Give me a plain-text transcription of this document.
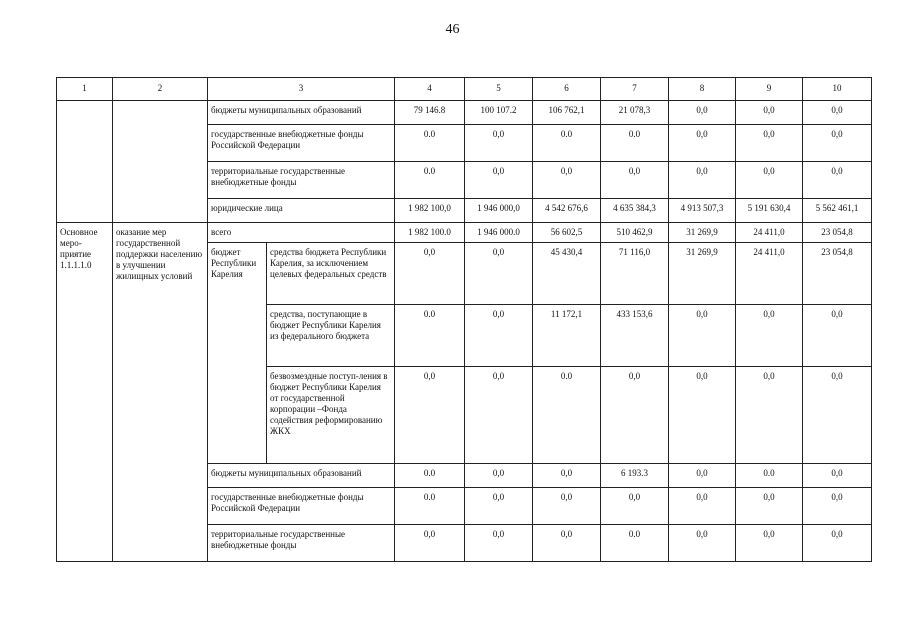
46
1	2	3		4	5	6	7	8	9	10
		бюджеты муниципальных образований		79 146.8	100 107.2	106 762,1	21 078,3	0,0	0,0	0,0
		государственные внебюджетные фонды Российской Федерации		0.0	0,0	0.0	0.0	0,0	0,0	0,0
		территориальные государственные внебюджетные фонды		0.0	0,0	0,0	0,0	0,0	0,0	0,0
		юридические лица		1 982 100,0	1 946 000,0	4 542 676,6	4 635 384,3	4 913 507,3	5 191 630,4	5 562 461,1
Основное меро-приятие 1.1.1.1.0	оказание мер государственной поддержки населению в улучшении жилищных условий	всего		1 982 100.0	1 946 000.0	56 602,5	510 462,9	31 269,9	24 411,0	23 054,8
		бюджет Республики Карелия	средства бюджета Республики Карелия, за исключением целевых федеральных средств	0,0	0,0	45 430,4	71 116,0	31 269,9	24 411,0	23 054,8
			средства, поступающие в бюджет Республики Карелия из федерального бюджета	0.0	0,0	11 172,1	433 153,6	0,0	0,0	0,0
			безвозмездные поступ-ления в бюджет Республики Карелия от государственной корпорации –Фонда содействия реформированию ЖКХ	0,0	0,0	0.0	0,0	0,0	0,0	0,0
		бюджеты муниципальных образований		0.0	0,0	0,0	6 193.3	0,0	0.0	0,0
		государственные внебюджетные фонды Российской Федерации		0.0	0,0	0,0	0,0	0,0	0,0	0,0
		территориальные государственные внебюджетные фонды		0,0	0,0	0,0	0.0	0,0	0,0	0,0
